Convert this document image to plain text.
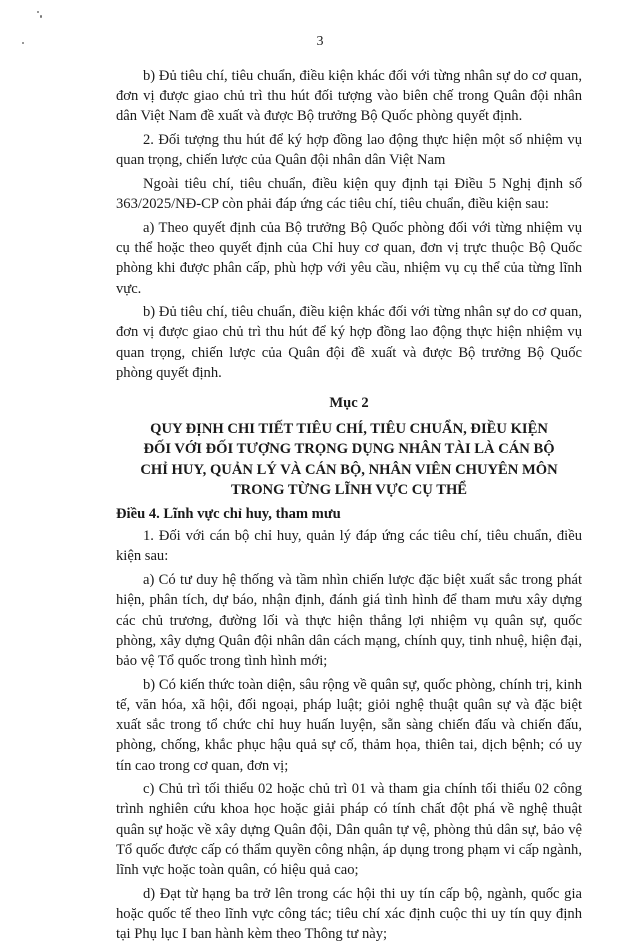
3

b) Đủ tiêu chí, tiêu chuẩn, điều kiện khác đối với từng nhân sự do cơ quan, đơn vị được giao chủ trì thu hút đối tượng vào biên chế trong Quân đội nhân dân Việt Nam đề xuất và được Bộ trưởng Bộ Quốc phòng quyết định.

2. Đối tượng thu hút để ký hợp đồng lao động thực hiện một số nhiệm vụ quan trọng, chiến lược của Quân đội nhân dân Việt Nam

Ngoài tiêu chí, tiêu chuẩn, điều kiện quy định tại Điều 5 Nghị định số 363/2025/NĐ-CP còn phải đáp ứng các tiêu chí, tiêu chuẩn, điều kiện sau:

a) Theo quyết định của Bộ trưởng Bộ Quốc phòng đối với từng nhiệm vụ cụ thể hoặc theo quyết định của Chỉ huy cơ quan, đơn vị trực thuộc Bộ Quốc phòng khi được phân cấp, phù hợp với yêu cầu, nhiệm vụ cụ thể của từng lĩnh vực.

b) Đủ tiêu chí, tiêu chuẩn, điều kiện khác đối với từng nhân sự do cơ quan, đơn vị được giao chủ trì thu hút để ký hợp đồng lao động thực hiện nhiệm vụ quan trọng, chiến lược của Quân đội đề xuất và được Bộ trưởng Bộ Quốc phòng quyết định.

Mục 2
QUY ĐỊNH CHI TIẾT TIÊU CHÍ, TIÊU CHUẨN, ĐIỀU KIỆN
ĐỐI VỚI ĐỐI TƯỢNG TRỌNG DỤNG NHÂN TÀI LÀ CÁN BỘ
CHỈ HUY, QUẢN LÝ VÀ CÁN BỘ, NHÂN VIÊN CHUYÊN MÔN
TRONG TỪNG LĨNH VỰC CỤ THỂ
Điều 4. Lĩnh vực chỉ huy, tham mưu

1. Đối với cán bộ chỉ huy, quản lý đáp ứng các tiêu chí, tiêu chuẩn, điều kiện sau:

a) Có tư duy hệ thống và tầm nhìn chiến lược đặc biệt xuất sắc trong phát hiện, phân tích, dự báo, nhận định, đánh giá tình hình để tham mưu xây dựng các chủ trương, đường lối và thực hiện thắng lợi nhiệm vụ quân sự, quốc phòng, xây dựng Quân đội nhân dân cách mạng, chính quy, tinh nhuệ, hiện đại, bảo vệ Tổ quốc trong tình hình mới;

b) Có kiến thức toàn diện, sâu rộng về quân sự, quốc phòng, chính trị, kinh tế, văn hóa, xã hội, đối ngoại, pháp luật; giỏi nghệ thuật quân sự và đặc biệt xuất sắc trong tổ chức chỉ huy huấn luyện, sẵn sàng chiến đấu và chiến đấu, phòng, chống, khắc phục hậu quả sự cố, thảm họa, thiên tai, dịch bệnh; có uy tín cao trong cơ quan, đơn vị;

c) Chủ trì tối thiểu 02 hoặc chủ trì 01 và tham gia chính tối thiểu 02 công trình nghiên cứu khoa học hoặc giải pháp có tính chất đột phá về nghệ thuật quân sự hoặc về xây dựng Quân đội, Dân quân tự vệ, phòng thủ dân sự, bảo vệ Tổ quốc được cấp có thẩm quyền công nhận, áp dụng trong phạm vi cấp ngành, lĩnh vực hoặc toàn quân, có hiệu quả cao;

d) Đạt từ hạng ba trở lên trong các hội thi uy tín cấp bộ, ngành, quốc gia hoặc quốc tế theo lĩnh vực công tác; tiêu chí xác định cuộc thi uy tín quy định tại Phụ lục I ban hành kèm theo Thông tư này;
